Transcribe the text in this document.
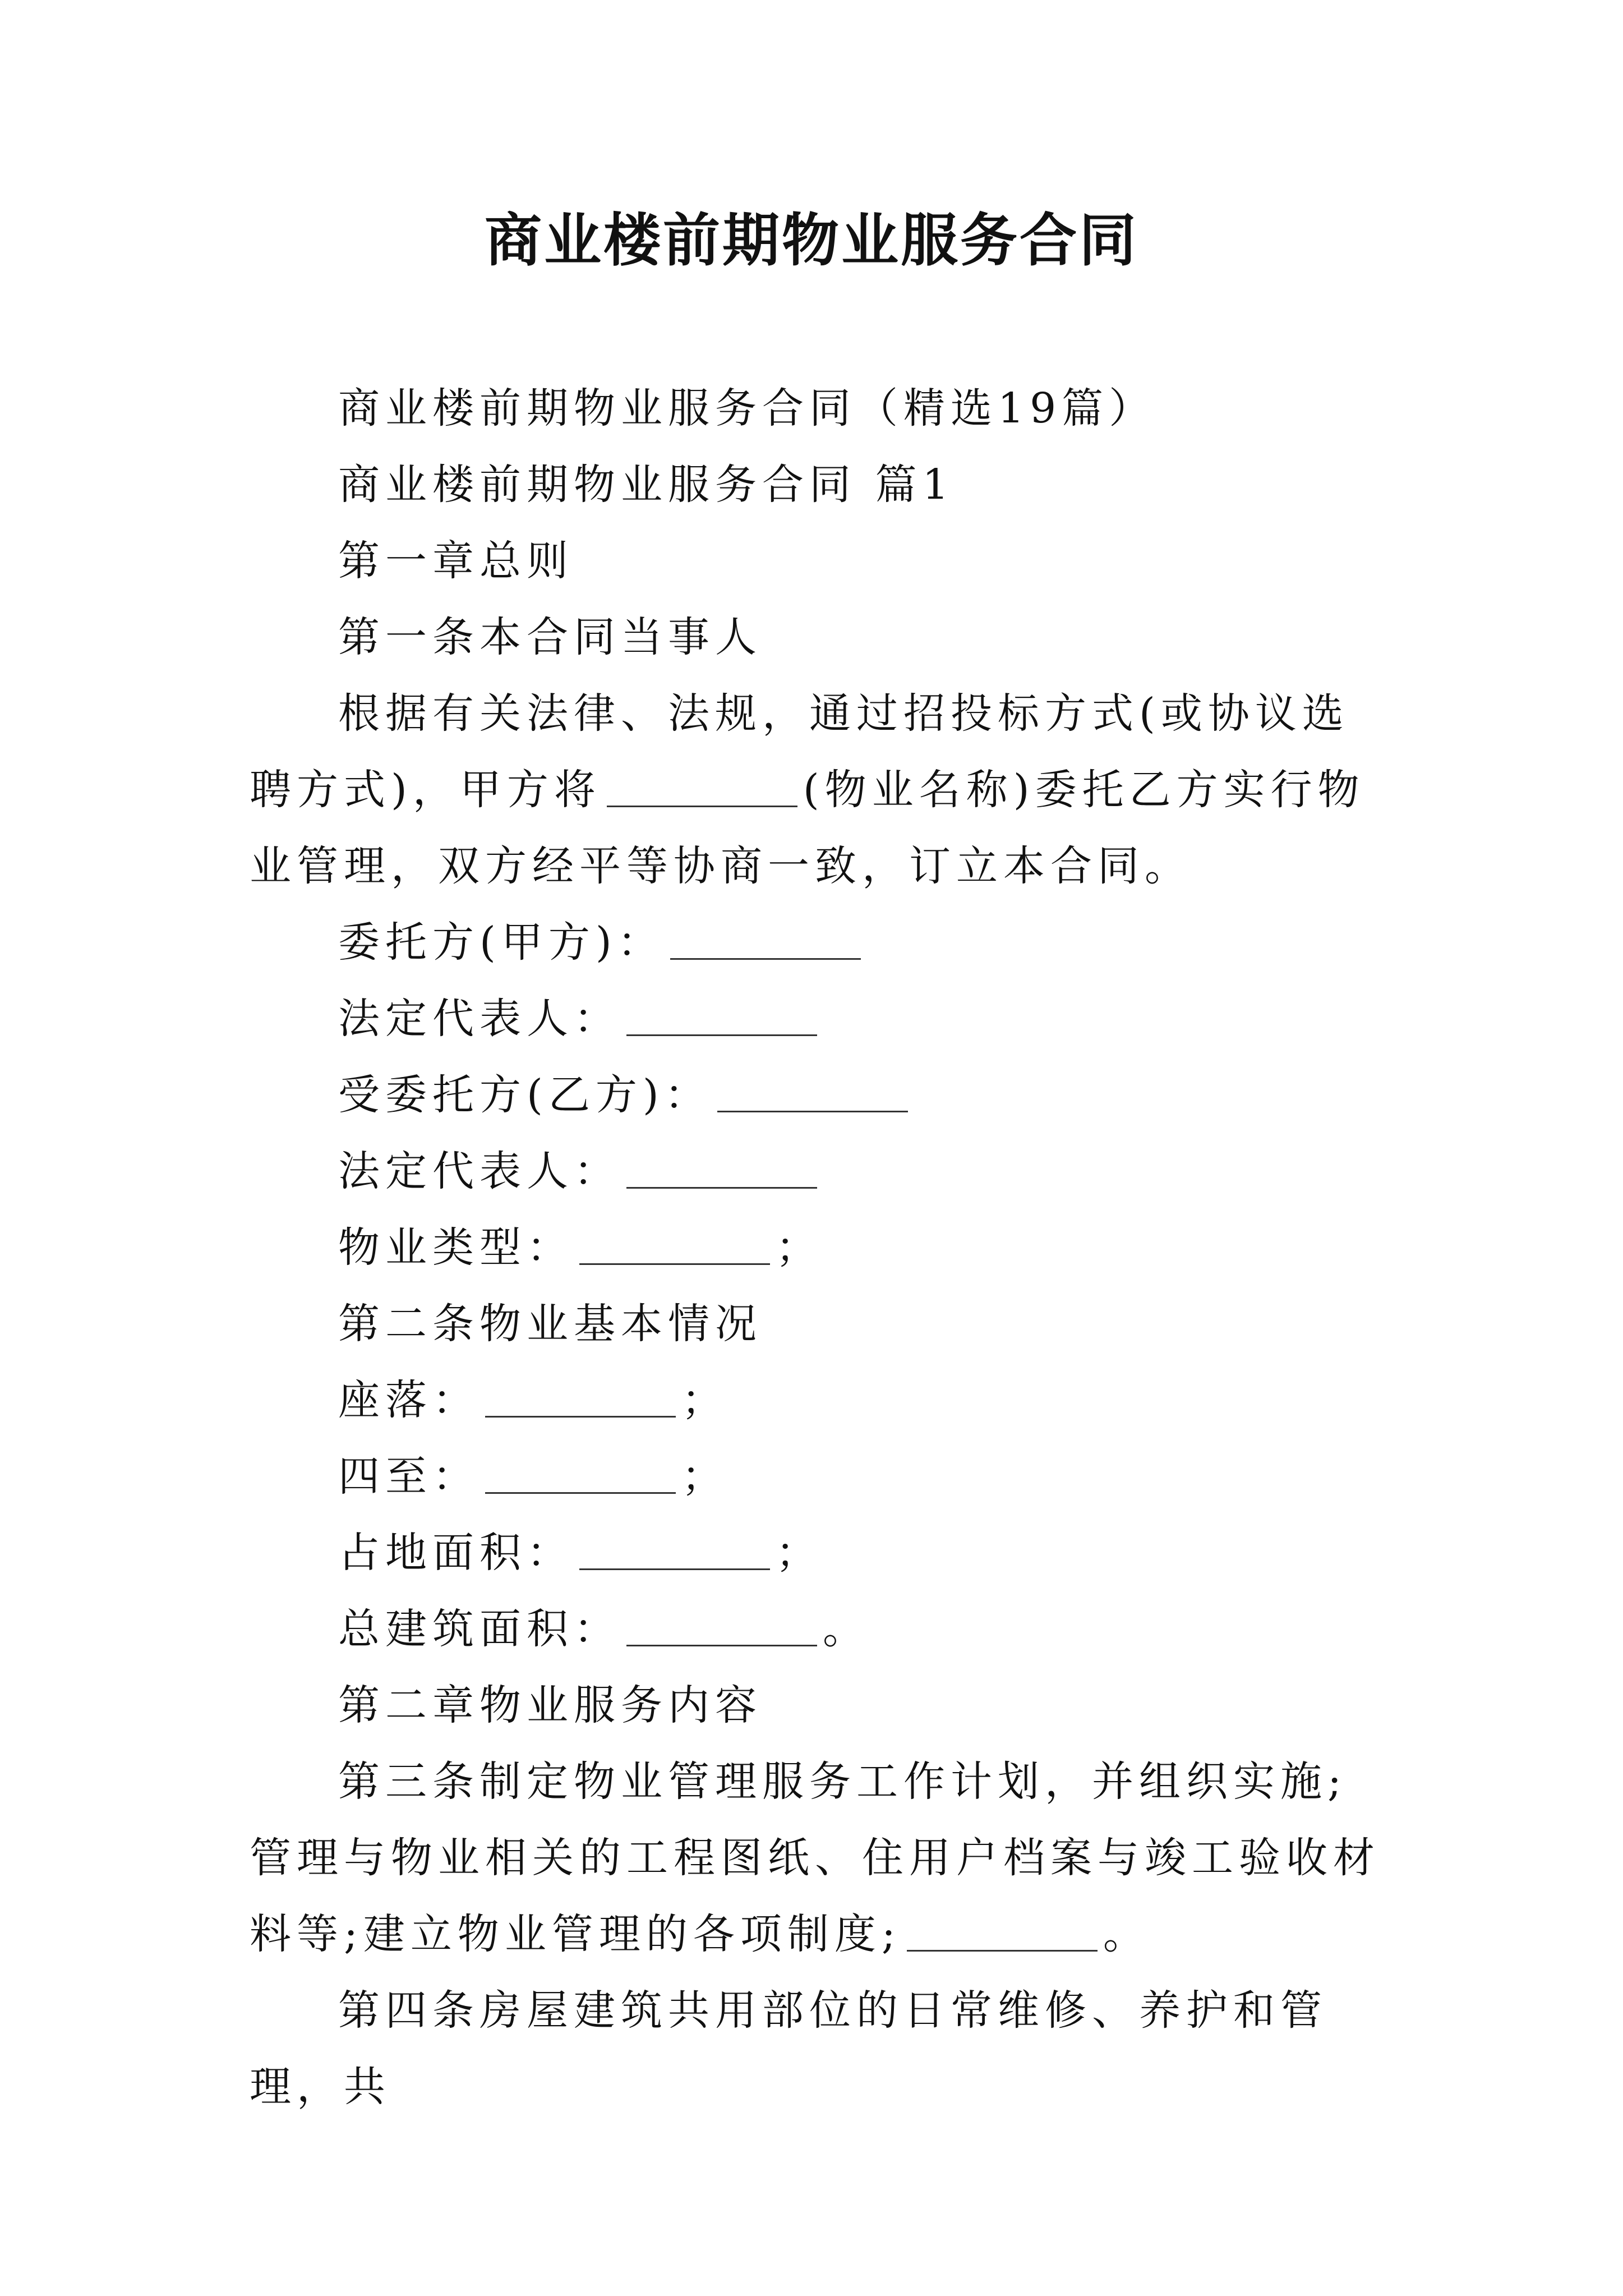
商业楼前期物业服务合同

商业楼前期物业服务合同（精选19篇）

商业楼前期物业服务合同 篇1

第一章总则

第一条本合同当事人

根据有关法律、法规，通过招投标方式(或协议选聘方式)，甲方将	(物业名称)委托乙方实行物业管理，双方经平等协商一致，订立本合同。

委托方(甲方)：

法定代表人：

受委托方(乙方)：

法定代表人：

物业类型：	；

第二条物业基本情况

座落：	；

四至：	；

占地面积：	；

总建筑面积：	。

第二章物业服务内容

第三条制定物业管理服务工作计划，并组织实施;管理与物业相关的工程图纸、住用户档案与竣工验收材料等;建立物业管理的各项制度;	。

第四条房屋建筑共用部位的日常维修、养护和管理，共
